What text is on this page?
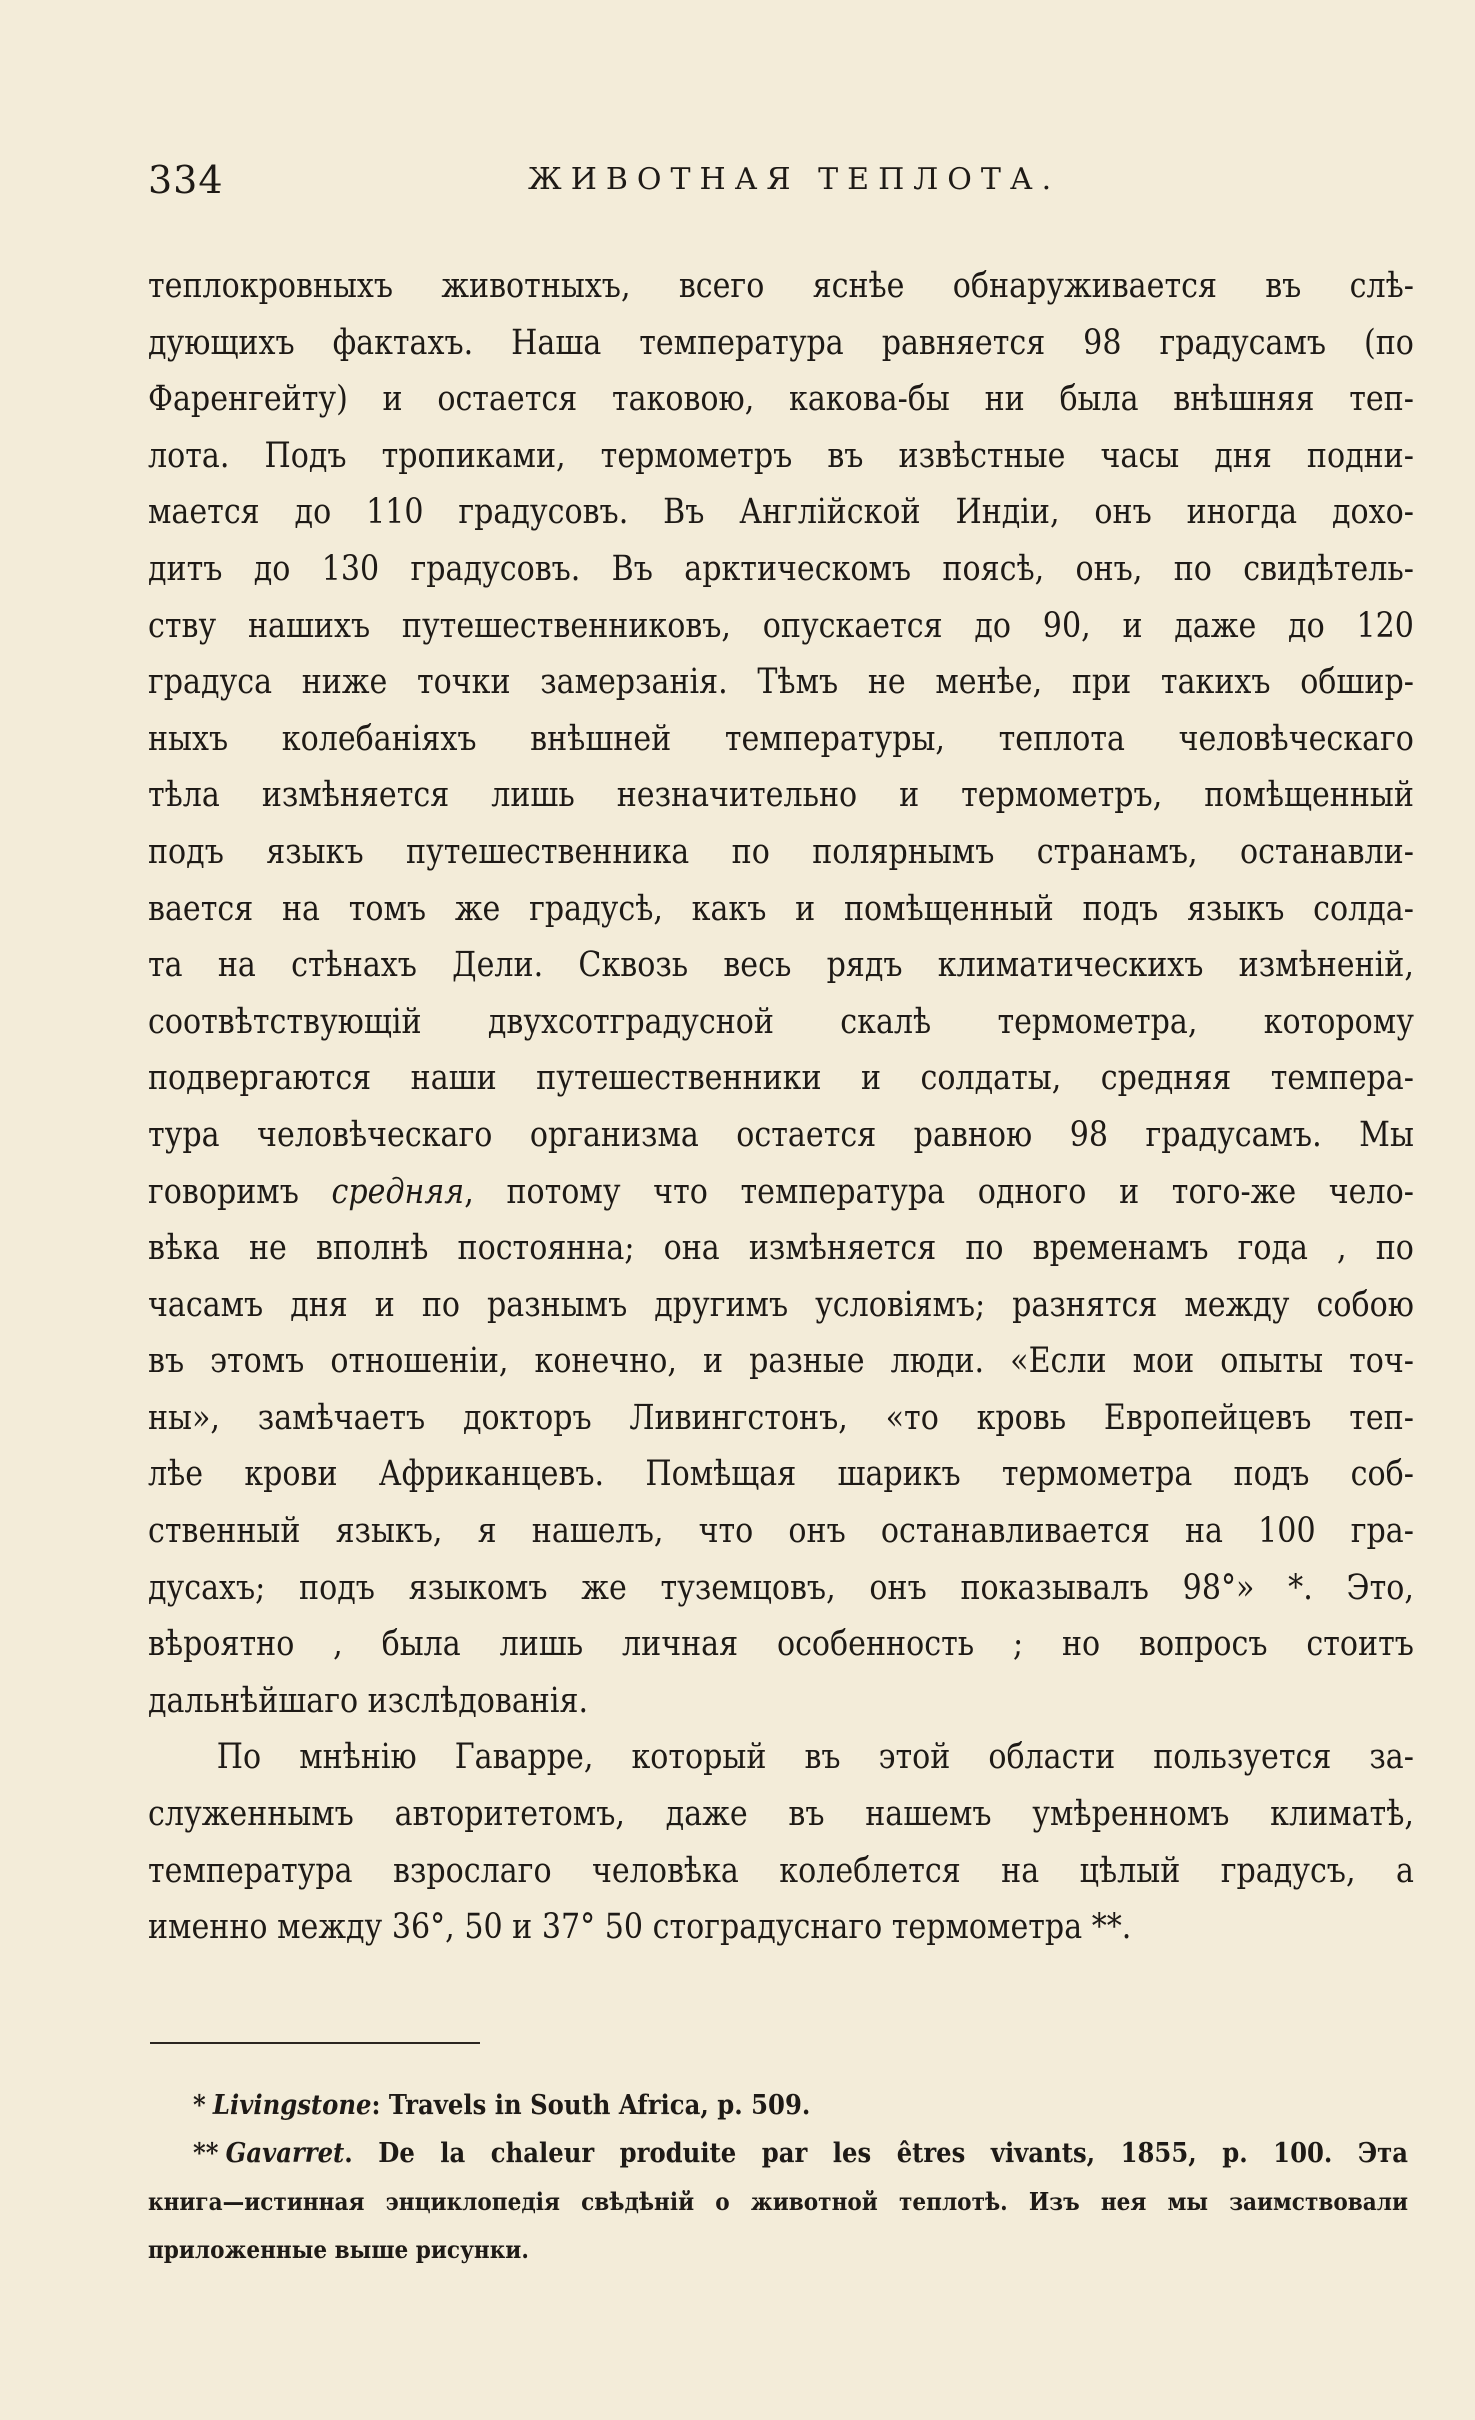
334	ЖИВОТНАЯ ТЕПЛОТА.
теплокровныхъ животныхъ, всего яснѣе обнаруживается въ слѣ-
дующихъ фактахъ. Наша температура равняется 98 градусамъ (по
Фаренгейту) и остается таковою, какова-бы ни была внѣшняя теп-
лота. Подъ тропиками, термометръ въ извѣстные часы дня подни-
мается до 110 градусовъ. Въ Англійской Индіи, онъ иногда дохо-
дитъ до 130 градусовъ. Въ арктическомъ поясѣ, онъ, по свидѣтель-
ству нашихъ путешественниковъ, опускается до 90, и даже до 120
градуса ниже точки замерзанія. Тѣмъ не менѣе, при такихъ обшир-
ныхъ колебаніяхъ внѣшней температуры, теплота человѣческаго
тѣла измѣняется лишь незначительно и термометръ, помѣщенный
подъ языкъ путешественника по полярнымъ странамъ, останавли-
вается на томъ же градусѣ, какъ и помѣщенный подъ языкъ солда-
та на стѣнахъ Дели. Сквозь весь рядъ климатическихъ измѣненій,
соотвѣтствующій двухсотградусной скалѣ термометра, которому
подвергаются наши путешественники и солдаты, средняя темпера-
тура человѣческаго организма остается равною 98 градусамъ. Мы
говоримъ средняя, потому что температура одного и того-же чело-
вѣка не вполнѣ постоянна; она измѣняется по временамъ года , по
часамъ дня и по разнымъ другимъ условіямъ; разнятся между собою
въ этомъ отношеніи, конечно, и разные люди. «Если мои опыты точ-
ны», замѣчаетъ докторъ Ливингстонъ, «то кровь Европейцевъ теп-
лѣе крови Африканцевъ. Помѣщая шарикъ термометра подъ соб-
ственный языкъ, я нашелъ, что онъ останавливается на 100 гра-
дусахъ; подъ языкомъ же туземцовъ, онъ показывалъ 98°» *. Это,
вѣроятно , была лишь личная особенность ; но вопросъ стоитъ
дальнѣйшаго изслѣдованія.
По мнѣнію Гаварре, который въ этой области пользуется за-
служеннымъ авторитетомъ, даже въ нашемъ умѣренномъ климатѣ,
температура взрослаго человѣка колеблется на цѣлый градусъ, а
именно между 36°, 50 и 37° 50 стоградуснаго термометра **.
* Livingstone: Travels in South Africa, p. 509.
** Gavarret. De la chaleur produite par les êtres vivants, 1855, p. 100. Эта
книга—истинная энциклопедія свѣдѣній о животной теплотѣ. Изъ нея мы заимствовали
приложенные выше рисунки.
